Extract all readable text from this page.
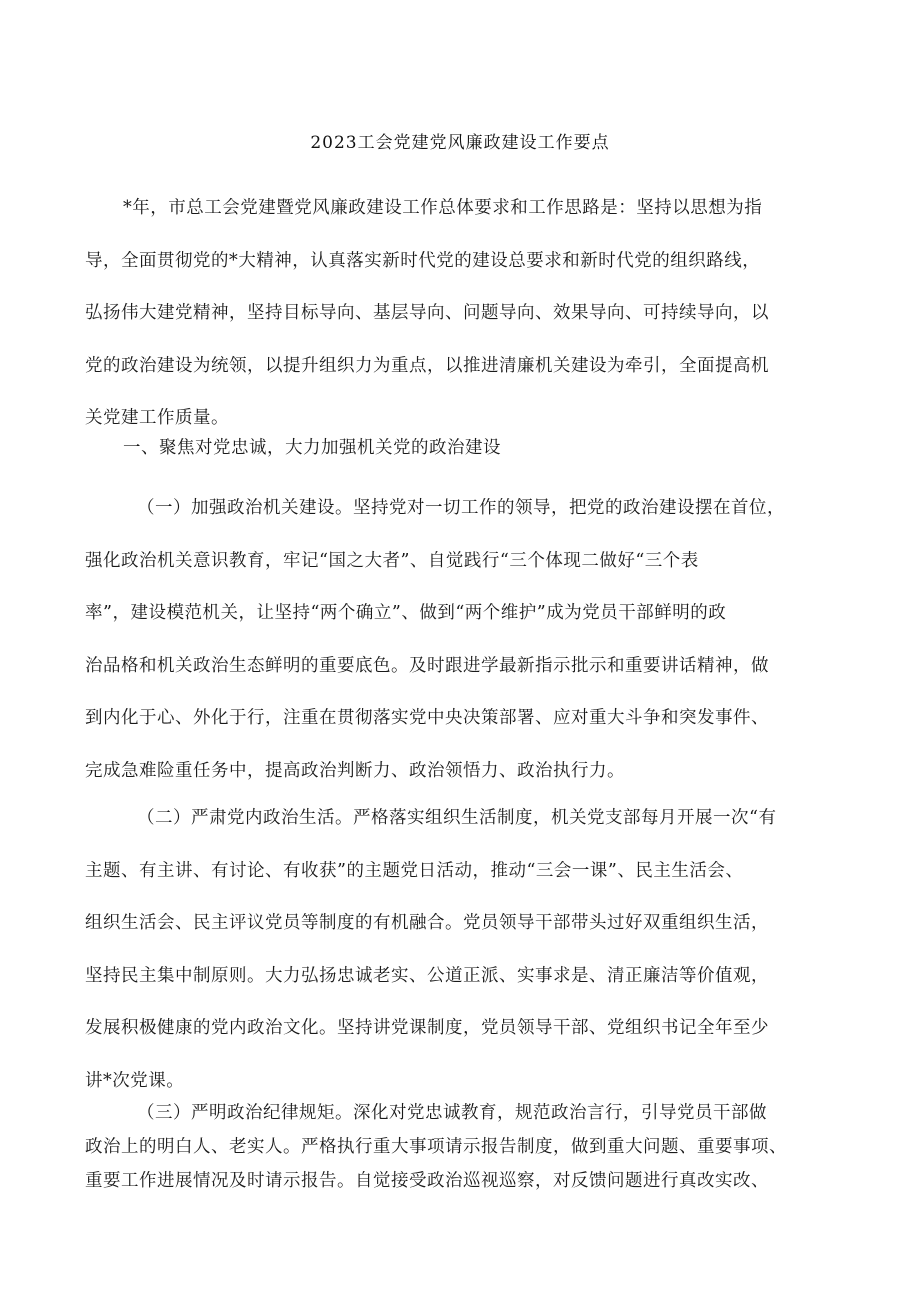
2023工会党建党风廉政建设工作要点
*年，市总工会党建暨党风廉政建设工作总体要求和工作思路是：坚持以思想为指
导，全面贯彻党的*大精神，认真落实新时代党的建设总要求和新时代党的组织路线，
弘扬伟大建党精神，坚持目标导向、基层导向、问题导向、效果导向、可持续导向，以
党的政治建设为统领，以提升组织力为重点，以推进清廉机关建设为牵引，全面提高机
关党建工作质量。
一、聚焦对党忠诚，大力加强机关党的政治建设
（一）加强政治机关建设。坚持党对一切工作的领导，把党的政治建设摆在首位，
强化政治机关意识教育，牢记“国之大者”、自觉践行“三个体现二做好“三个表
率”，建设模范机关，让坚持“两个确立”、做到“两个维护”成为党员干部鲜明的政
治品格和机关政治生态鲜明的重要底色。及时跟进学最新指示批示和重要讲话精神，做
到内化于心、外化于行，注重在贯彻落实党中央决策部署、应对重大斗争和突发事件、
完成急难险重任务中，提高政治判断力、政治领悟力、政治执行力。
（二）严肃党内政治生活。严格落实组织生活制度，机关党支部每月开展一次“有
主题、有主讲、有讨论、有收获”的主题党日活动，推动“三会一课”、民主生活会、
组织生活会、民主评议党员等制度的有机融合。党员领导干部带头过好双重组织生活，
坚持民主集中制原则。大力弘扬忠诚老实、公道正派、实事求是、清正廉洁等价值观，
发展积极健康的党内政治文化。坚持讲党课制度，党员领导干部、党组织书记全年至少
讲*次党课。
（三）严明政治纪律规矩。深化对党忠诚教育，规范政治言行，引导党员干部做
政治上的明白人、老实人。严格执行重大事项请示报告制度，做到重大问题、重要事项、
重要工作进展情况及时请示报告。自觉接受政治巡视巡察，对反馈问题进行真改实改、
